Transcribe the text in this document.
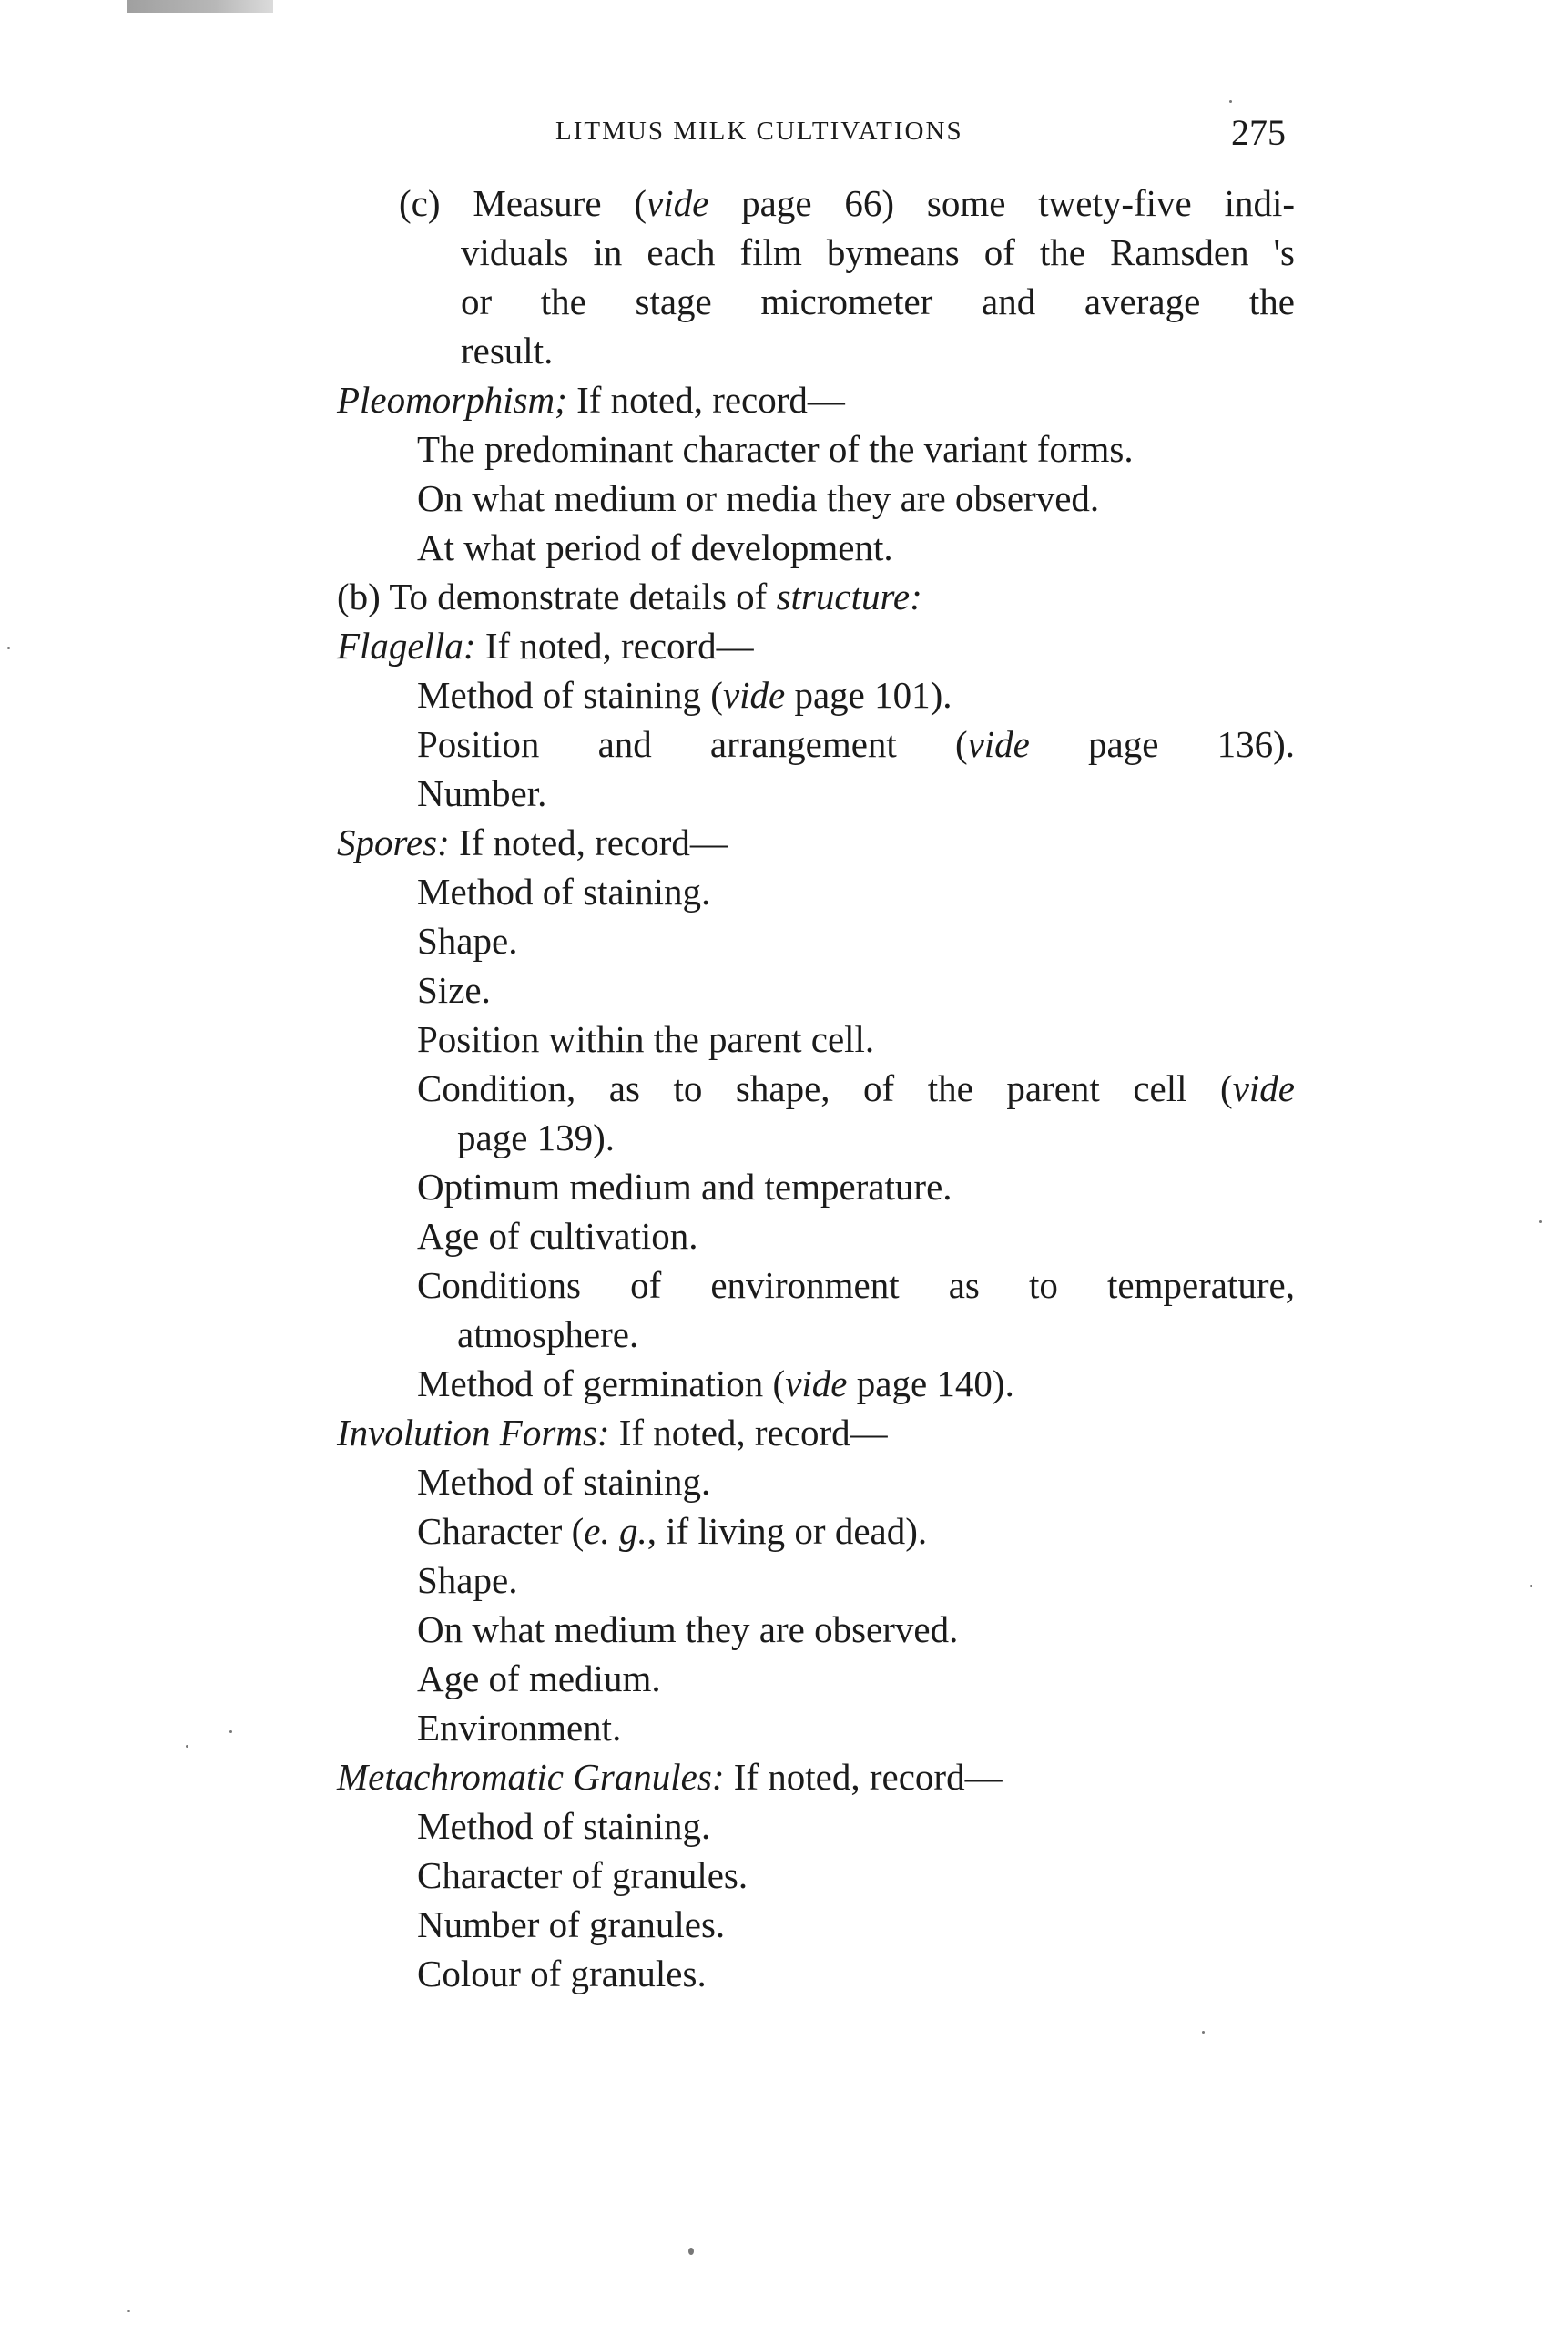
LITMUS MILK CULTIVATIONS	275
(c) Measure (vide page 66) some twety-five indi-
viduals in each film bymeans of the Ramsden 's
or the stage micrometer and average the
result.
Pleomorphism; If noted, record—
The predominant character of the variant forms.
On what medium or media they are observed.
At what period of development.
(b) To demonstrate details of structure:
Flagella: If noted, record—
Method of staining (vide page 101).
Position and arrangement (vide page 136).
Number.
Spores: If noted, record—
Method of staining.
Shape.
Size.
Position within the parent cell.
Condition, as to shape, of the parent cell (vide
page 139).
Optimum medium and temperature.
Age of cultivation.
Conditions of environment as to temperature,
atmosphere.
Method of germination (vide page 140).
Involution Forms: If noted, record—
Method of staining.
Character (e. g., if living or dead).
Shape.
On what medium they are observed.
Age of medium.
Environment.
Metachromatic Granules: If noted, record—
Method of staining.
Character of granules.
Number of granules.
Colour of granules.
